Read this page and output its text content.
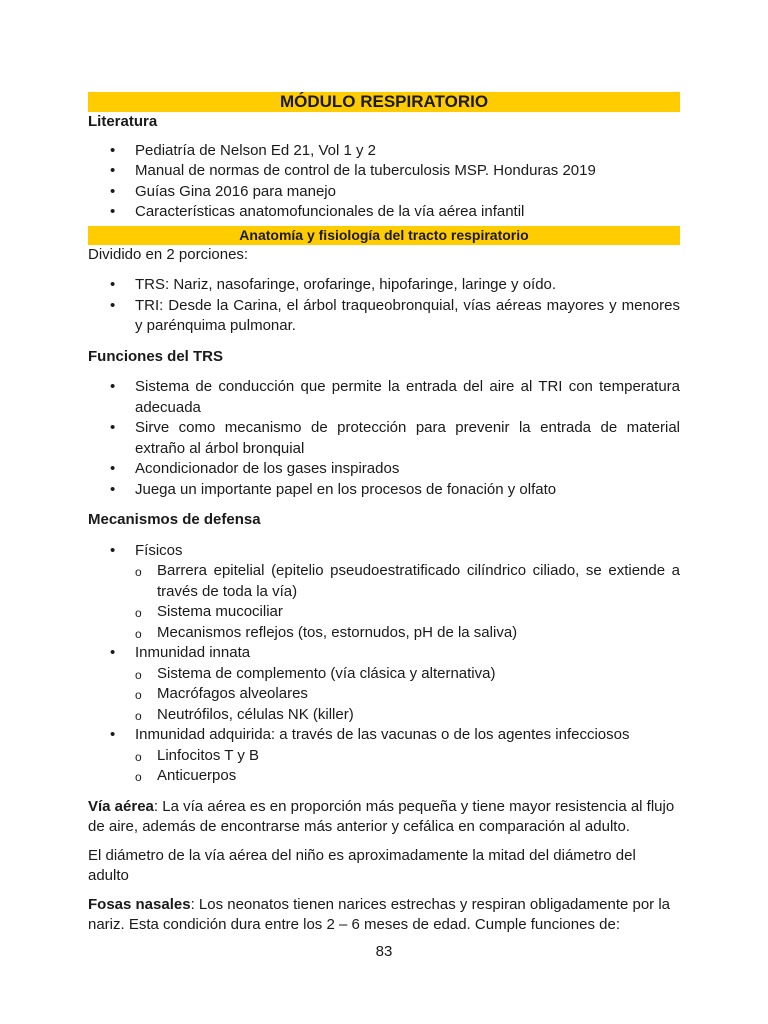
MÓDULO RESPIRATORIO
Literatura
• Pediatría de Nelson Ed 21, Vol 1 y 2
• Manual de normas de control de la tuberculosis MSP. Honduras 2019
• Guías Gina 2016 para manejo
• Características anatomofuncionales de la vía aérea infantil
Anatomía y fisiología del tracto respiratorio
Dividido en 2 porciones:
• TRS: Nariz, nasofaringe, orofaringe, hipofaringe, laringe y oído.
• TRI: Desde la Carina, el árbol traqueobronquial, vías aéreas mayores y menores y parénquima pulmonar.
Funciones del TRS
• Sistema de conducción que permite la entrada del aire al TRI con temperatura adecuada
• Sirve como mecanismo de protección para prevenir la entrada de material extraño al árbol bronquial
• Acondicionador de los gases inspirados
• Juega un importante papel en los procesos de fonación y olfato
Mecanismos de defensa
• Físicos
o Barrera epitelial (epitelio pseudoestratificado cilíndrico ciliado, se extiende a través de toda la vía)
o Sistema mucociliar
o Mecanismos reflejos (tos, estornudos, pH de la saliva)
• Inmunidad innata
o Sistema de complemento (vía clásica y alternativa)
o Macrófagos alveolares
o Neutrófilos, células NK (killer)
• Inmunidad adquirida: a través de las vacunas o de los agentes infecciosos
o Linfocitos T y B
o Anticuerpos

Vía aérea: La vía aérea es en proporción más pequeña y tiene mayor resistencia al flujo de aire, además de encontrarse más anterior y cefálica en comparación al adulto.

El diámetro de la vía aérea del niño es aproximadamente la mitad del diámetro del adulto

Fosas nasales: Los neonatos tienen narices estrechas y respiran obligadamente por la nariz. Esta condición dura entre los 2 – 6 meses de edad. Cumple funciones de:

83
